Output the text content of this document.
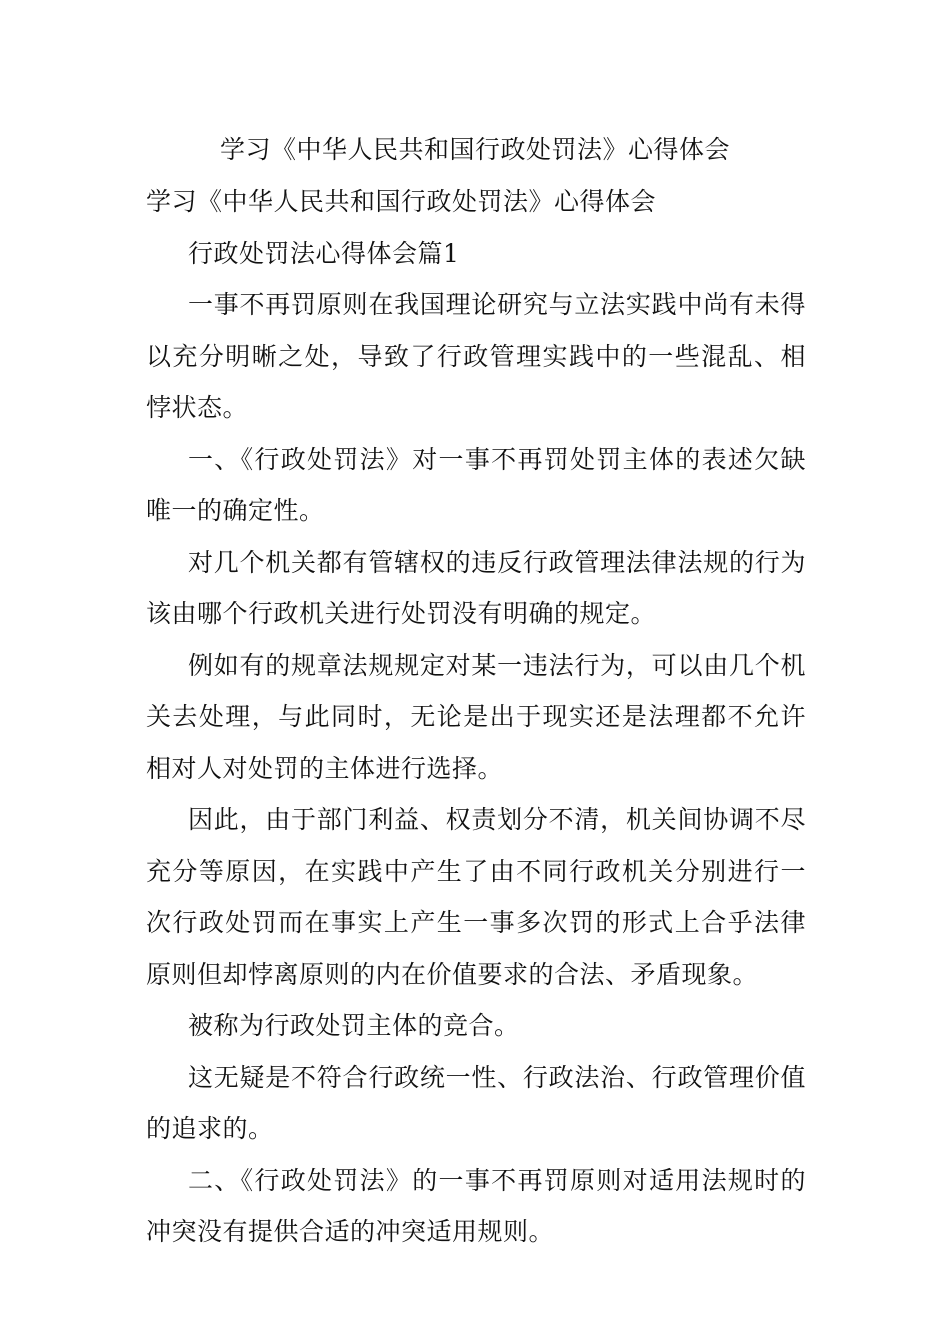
学习《中华人民共和国行政处罚法》心得体会

学习《中华人民共和国行政处罚法》心得体会

行政处罚法心得体会篇1

一事不再罚原则在我国理论研究与立法实践中尚有未得以充分明晰之处，导致了行政管理实践中的一些混乱、相悖状态。

一、《行政处罚法》对一事不再罚处罚主体的表述欠缺唯一的确定性。

对几个机关都有管辖权的违反行政管理法律法规的行为该由哪个行政机关进行处罚没有明确的规定。

例如有的规章法规规定对某一违法行为，可以由几个机关去处理，与此同时，无论是出于现实还是法理都不允许相对人对处罚的主体进行选择。

因此，由于部门利益、权责划分不清，机关间协调不尽充分等原因，在实践中产生了由不同行政机关分别进行一次行政处罚而在事实上产生一事多次罚的形式上合乎法律原则但却悖离原则的内在价值要求的合法、矛盾现象。

被称为行政处罚主体的竞合。

这无疑是不符合行政统一性、行政法治、行政管理价值的追求的。

二、《行政处罚法》的一事不再罚原则对适用法规时的冲突没有提供合适的冲突适用规则。
